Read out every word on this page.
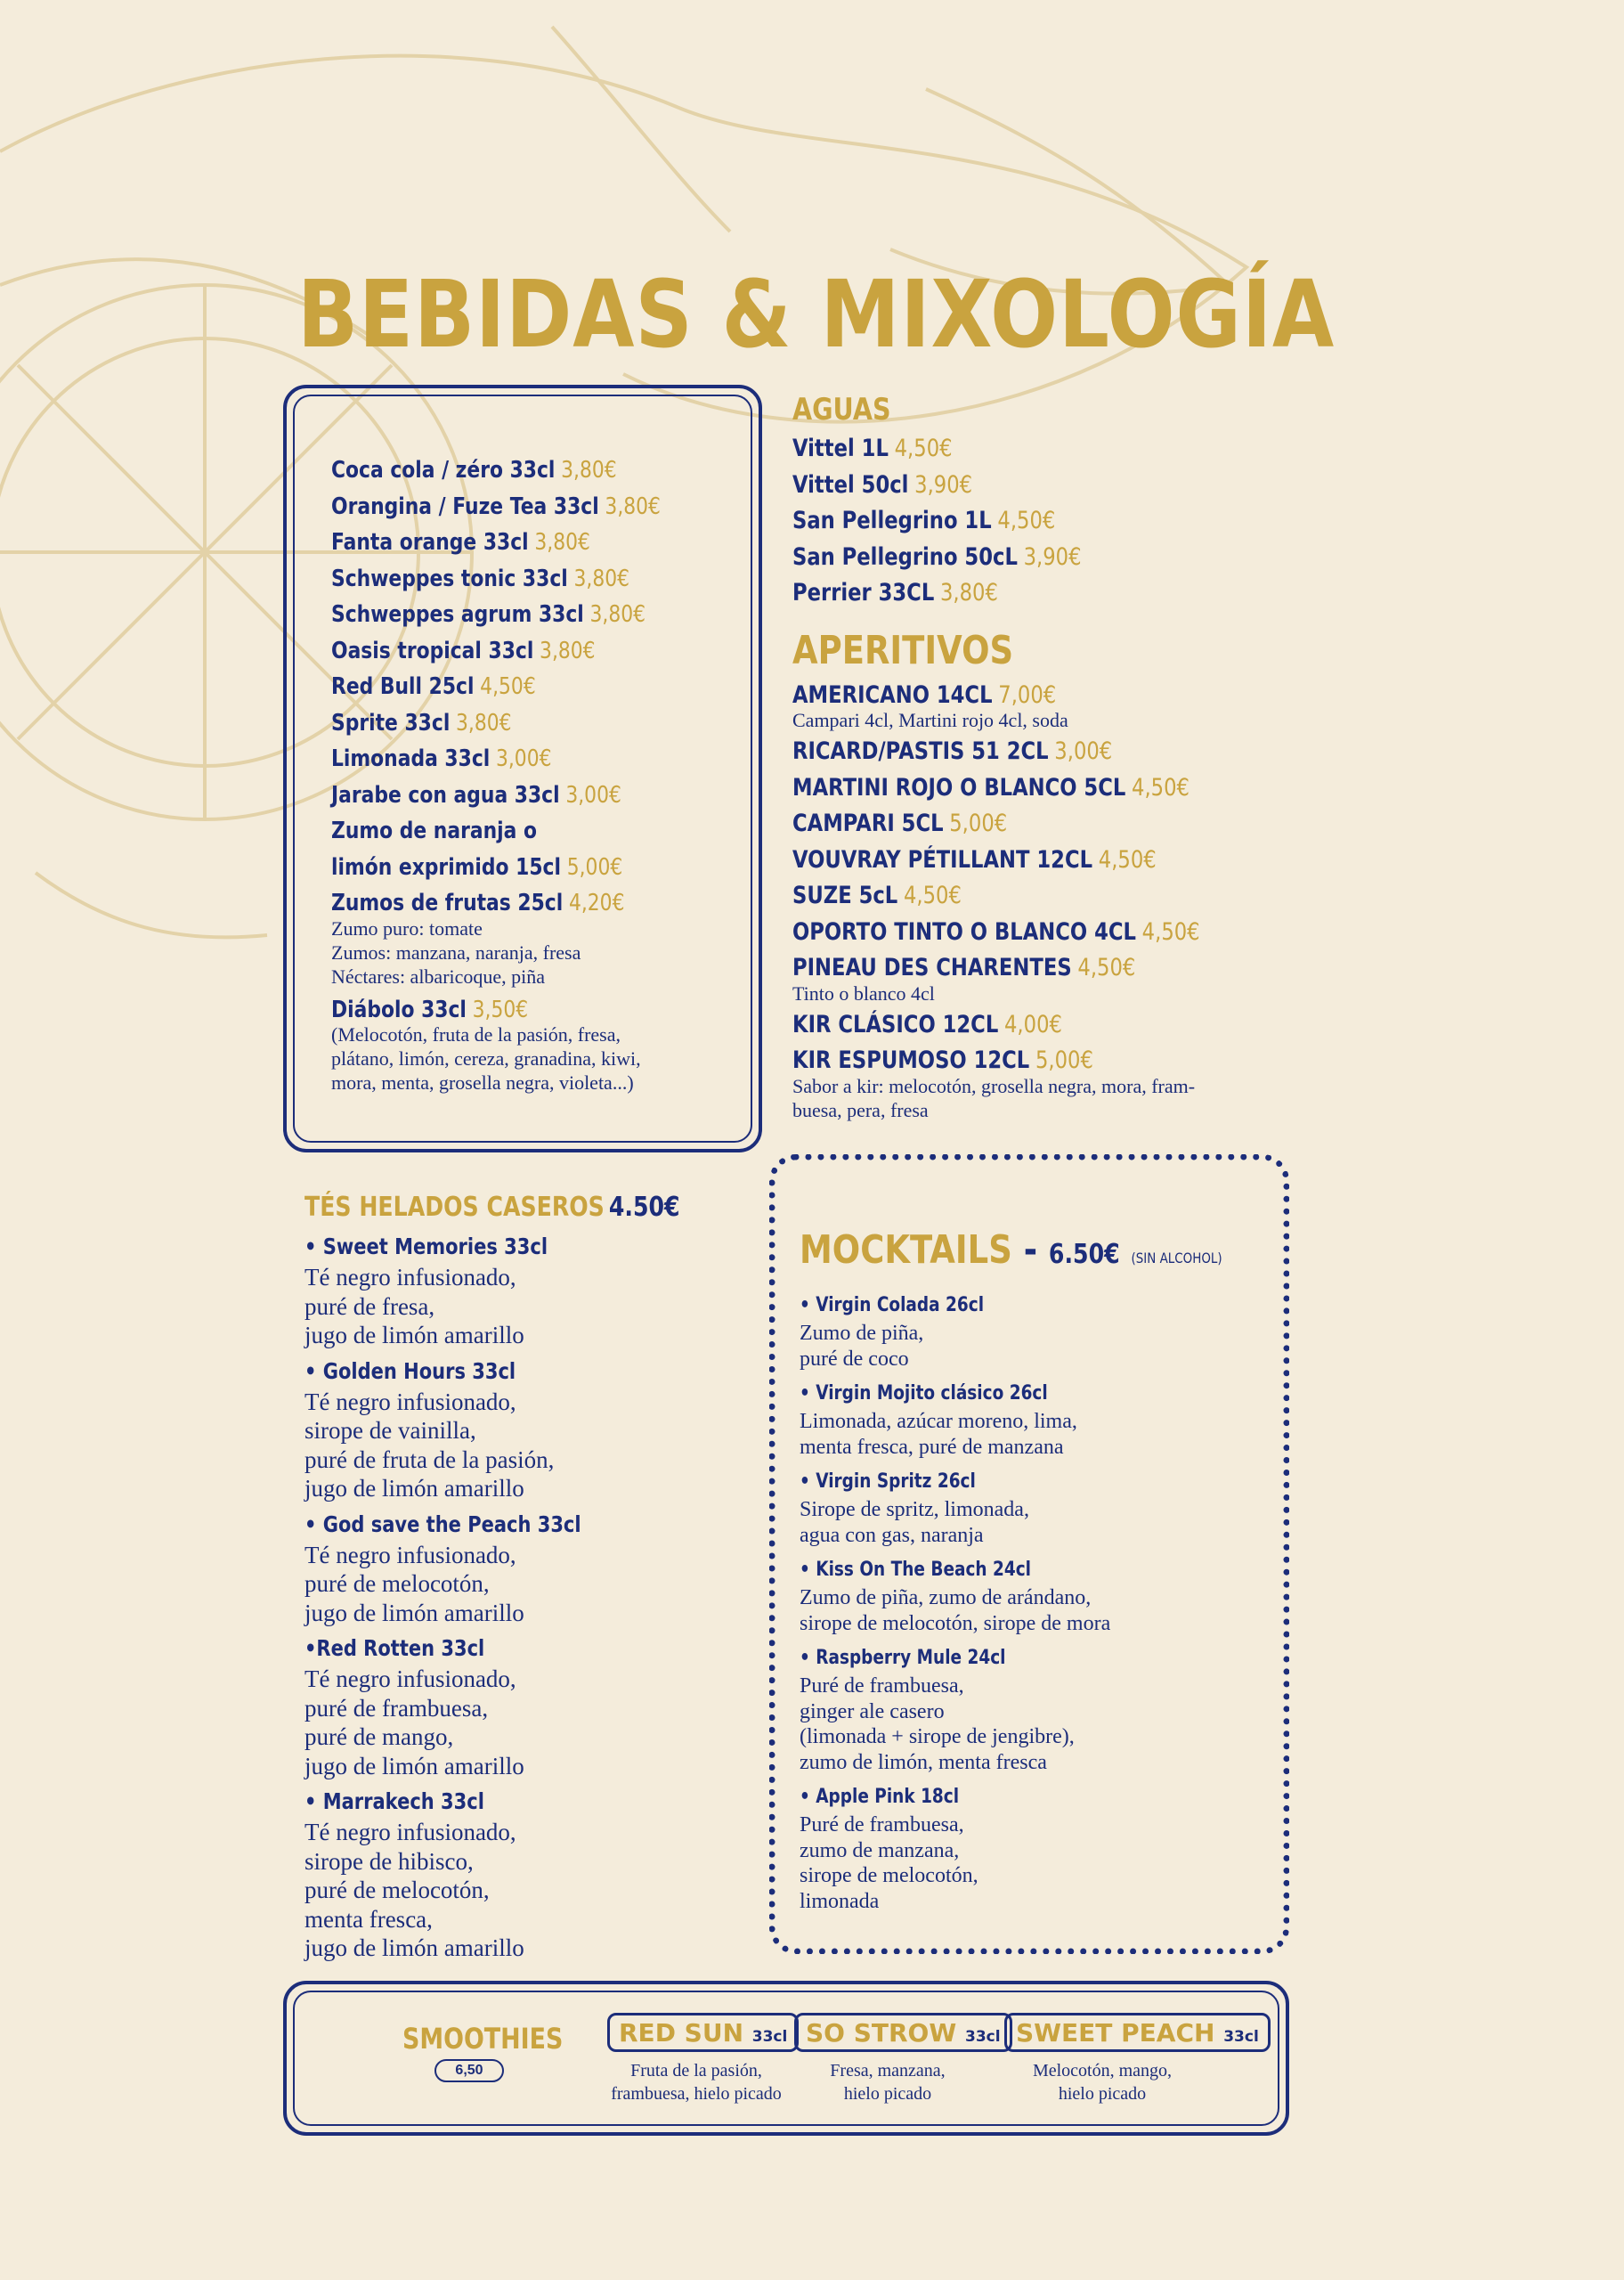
BEBIDAS & MIXOLOGÍA
Coca cola / zéro 33cl 3,80€
Orangina / Fuze Tea 33cl 3,80€
Fanta orange 33cl 3,80€
Schweppes tonic 33cl 3,80€
Schweppes agrum 33cl 3,80€
Oasis tropical 33cl 3,80€
Red Bull 25cl 4,50€
Sprite 33cl 3,80€
Limonada 33cl 3,00€
Jarabe con agua 33cl 3,00€
Zumo de naranja o
limón exprimido 15cl 5,00€
Zumos de frutas 25cl 4,20€
Zumo puro: tomate
Zumos: manzana, naranja, fresa
Néctares: albaricoque, piña
Diábolo 33cl 3,50€
(Melocotón, fruta de la pasión, fresa,
plátano, limón, cereza, granadina, kiwi,
mora, menta, grosella negra, violeta...)
AGUAS
Vittel 1L 4,50€
Vittel 50cl 3,90€
San Pellegrino 1L 4,50€
San Pellegrino 50cL 3,90€
Perrier 33CL 3,80€
APERITIVOS
AMERICANO 14CL 7,00€
Campari 4cl, Martini rojo 4cl, soda
RICARD/PASTIS 51 2CL 3,00€
MARTINI ROJO O BLANCO 5CL 4,50€
CAMPARI 5CL 5,00€
VOUVRAY PÉTILLANT 12CL 4,50€
SUZE 5cL 4,50€
OPORTO TINTO O BLANCO 4CL 4,50€
PINEAU DES CHARENTES 4,50€
Tinto o blanco 4cl
KIR CLÁSICO 12CL 4,00€
KIR ESPUMOSO 12CL 5,00€
Sabor a kir: melocotón, grosella negra, mora, fram-
buesa, pera, fresa
TÉS HELADOS CASEROS 4.50€
• Sweet Memories 33cl
Té negro infusionado,
puré de fresa,
jugo de limón amarillo
• Golden Hours 33cl
Té negro infusionado,
sirope de vainilla,
puré de fruta de la pasión,
jugo de limón amarillo
• God save the Peach 33cl
Té negro infusionado,
puré de melocotón,
jugo de limón amarillo
•Red Rotten 33cl
Té negro infusionado,
puré de frambuesa,
puré de mango,
jugo de limón amarillo
• Marrakech 33cl
Té negro infusionado,
sirope de hibisco,
puré de melocotón,
menta fresca,
jugo de limón amarillo
MOCKTAILS - 6.50€ (SIN ALCOHOL)
• Virgin Colada 26cl
Zumo de piña,
puré de coco
• Virgin Mojito clásico 26cl
Limonada, azúcar moreno, lima,
menta fresca, puré de manzana
• Virgin Spritz 26cl
Sirope de spritz, limonada,
agua con gas, naranja
• Kiss On The Beach 24cl
Zumo de piña, zumo de arándano,
sirope de melocotón, sirope de mora
• Raspberry Mule 24cl
Puré de frambuesa,
ginger ale casero
(limonada + sirope de jengibre),
zumo de limón, menta fresca
• Apple Pink 18cl
Puré de frambuesa,
zumo de manzana,
sirope de melocotón,
limonada
SMOOTHIES
6,50
RED SUN 33cl
Fruta de la pasión,
frambuesa, hielo picado
SO STROW 33cl
Fresa, manzana,
hielo picado
SWEET PEACH 33cl
Melocotón, mango,
hielo picado
